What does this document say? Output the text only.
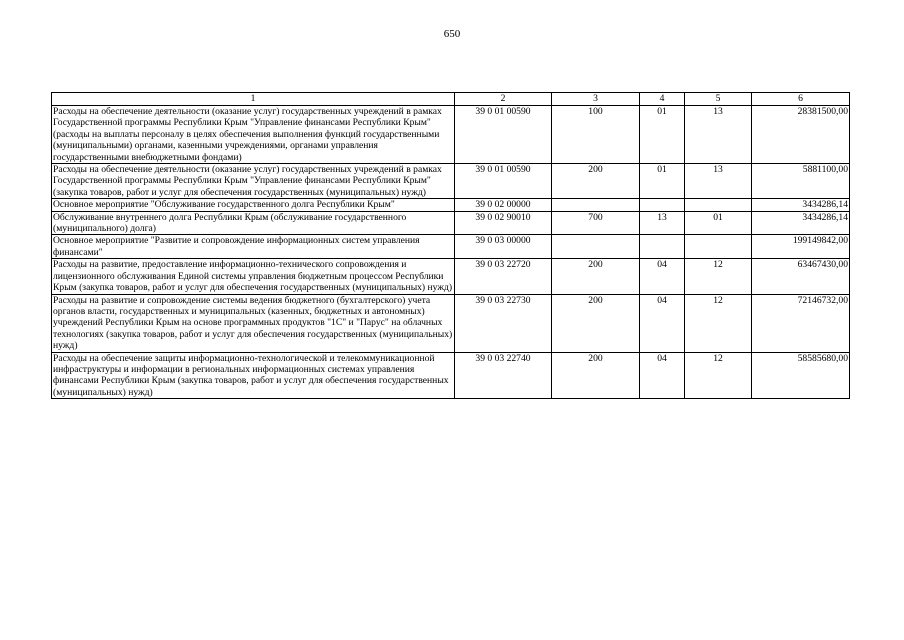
650
1	2	3	4	5	6
Расходы на обеспечение деятельности (оказание услуг) государственных учреждений в рамках Государственной программы Республики Крым "Управление финансами Республики Крым" (расходы на выплаты персоналу в целях обеспечения выполнения функций государственными (муниципальными) органами, казенными учреждениями, органами управления государственными внебюджетными фондами)	39 0 01 00590	100	01	13	28381500,00
Расходы на обеспечение деятельности (оказание услуг) государственных учреждений в рамках Государственной программы Республики Крым "Управление финансами Республики Крым" (закупка товаров, работ и услуг для обеспечения государственных (муниципальных) нужд)	39 0 01 00590	200	01	13	5881100,00
Основное мероприятие "Обслуживание государственного долга Республики Крым"	39 0 02 00000				3434286,14
Обслуживание внутреннего долга Республики Крым (обслуживание государственного (муниципального) долга)	39 0 02 90010	700	13	01	3434286,14
Основное мероприятие "Развитие и сопровождение информационных систем управления финансами"	39 0 03 00000				199149842,00
Расходы на развитие, предоставление информационно-технического сопровождения и лицензионного обслуживания Единой системы управления бюджетным процессом Республики Крым (закупка товаров, работ и услуг для обеспечения государственных (муниципальных) нужд)	39 0 03 22720	200	04	12	63467430,00
Расходы на развитие и сопровождение системы ведения бюджетного (бухгалтерского) учета органов власти, государственных и муниципальных (казенных, бюджетных и автономных) учреждений Республики Крым на основе программных продуктов "1С" и "Парус" на облачных технологиях (закупка товаров, работ и услуг для обеспечения государственных (муниципальных) нужд)	39 0 03 22730	200	04	12	72146732,00
Расходы на обеспечение защиты информационно-технологической и телекоммуникационной инфраструктуры и информации в региональных информационных системах управления финансами Республики Крым (закупка товаров, работ и услуг для обеспечения государственных (муниципальных) нужд)	39 0 03 22740	200	04	12	58585680,00
